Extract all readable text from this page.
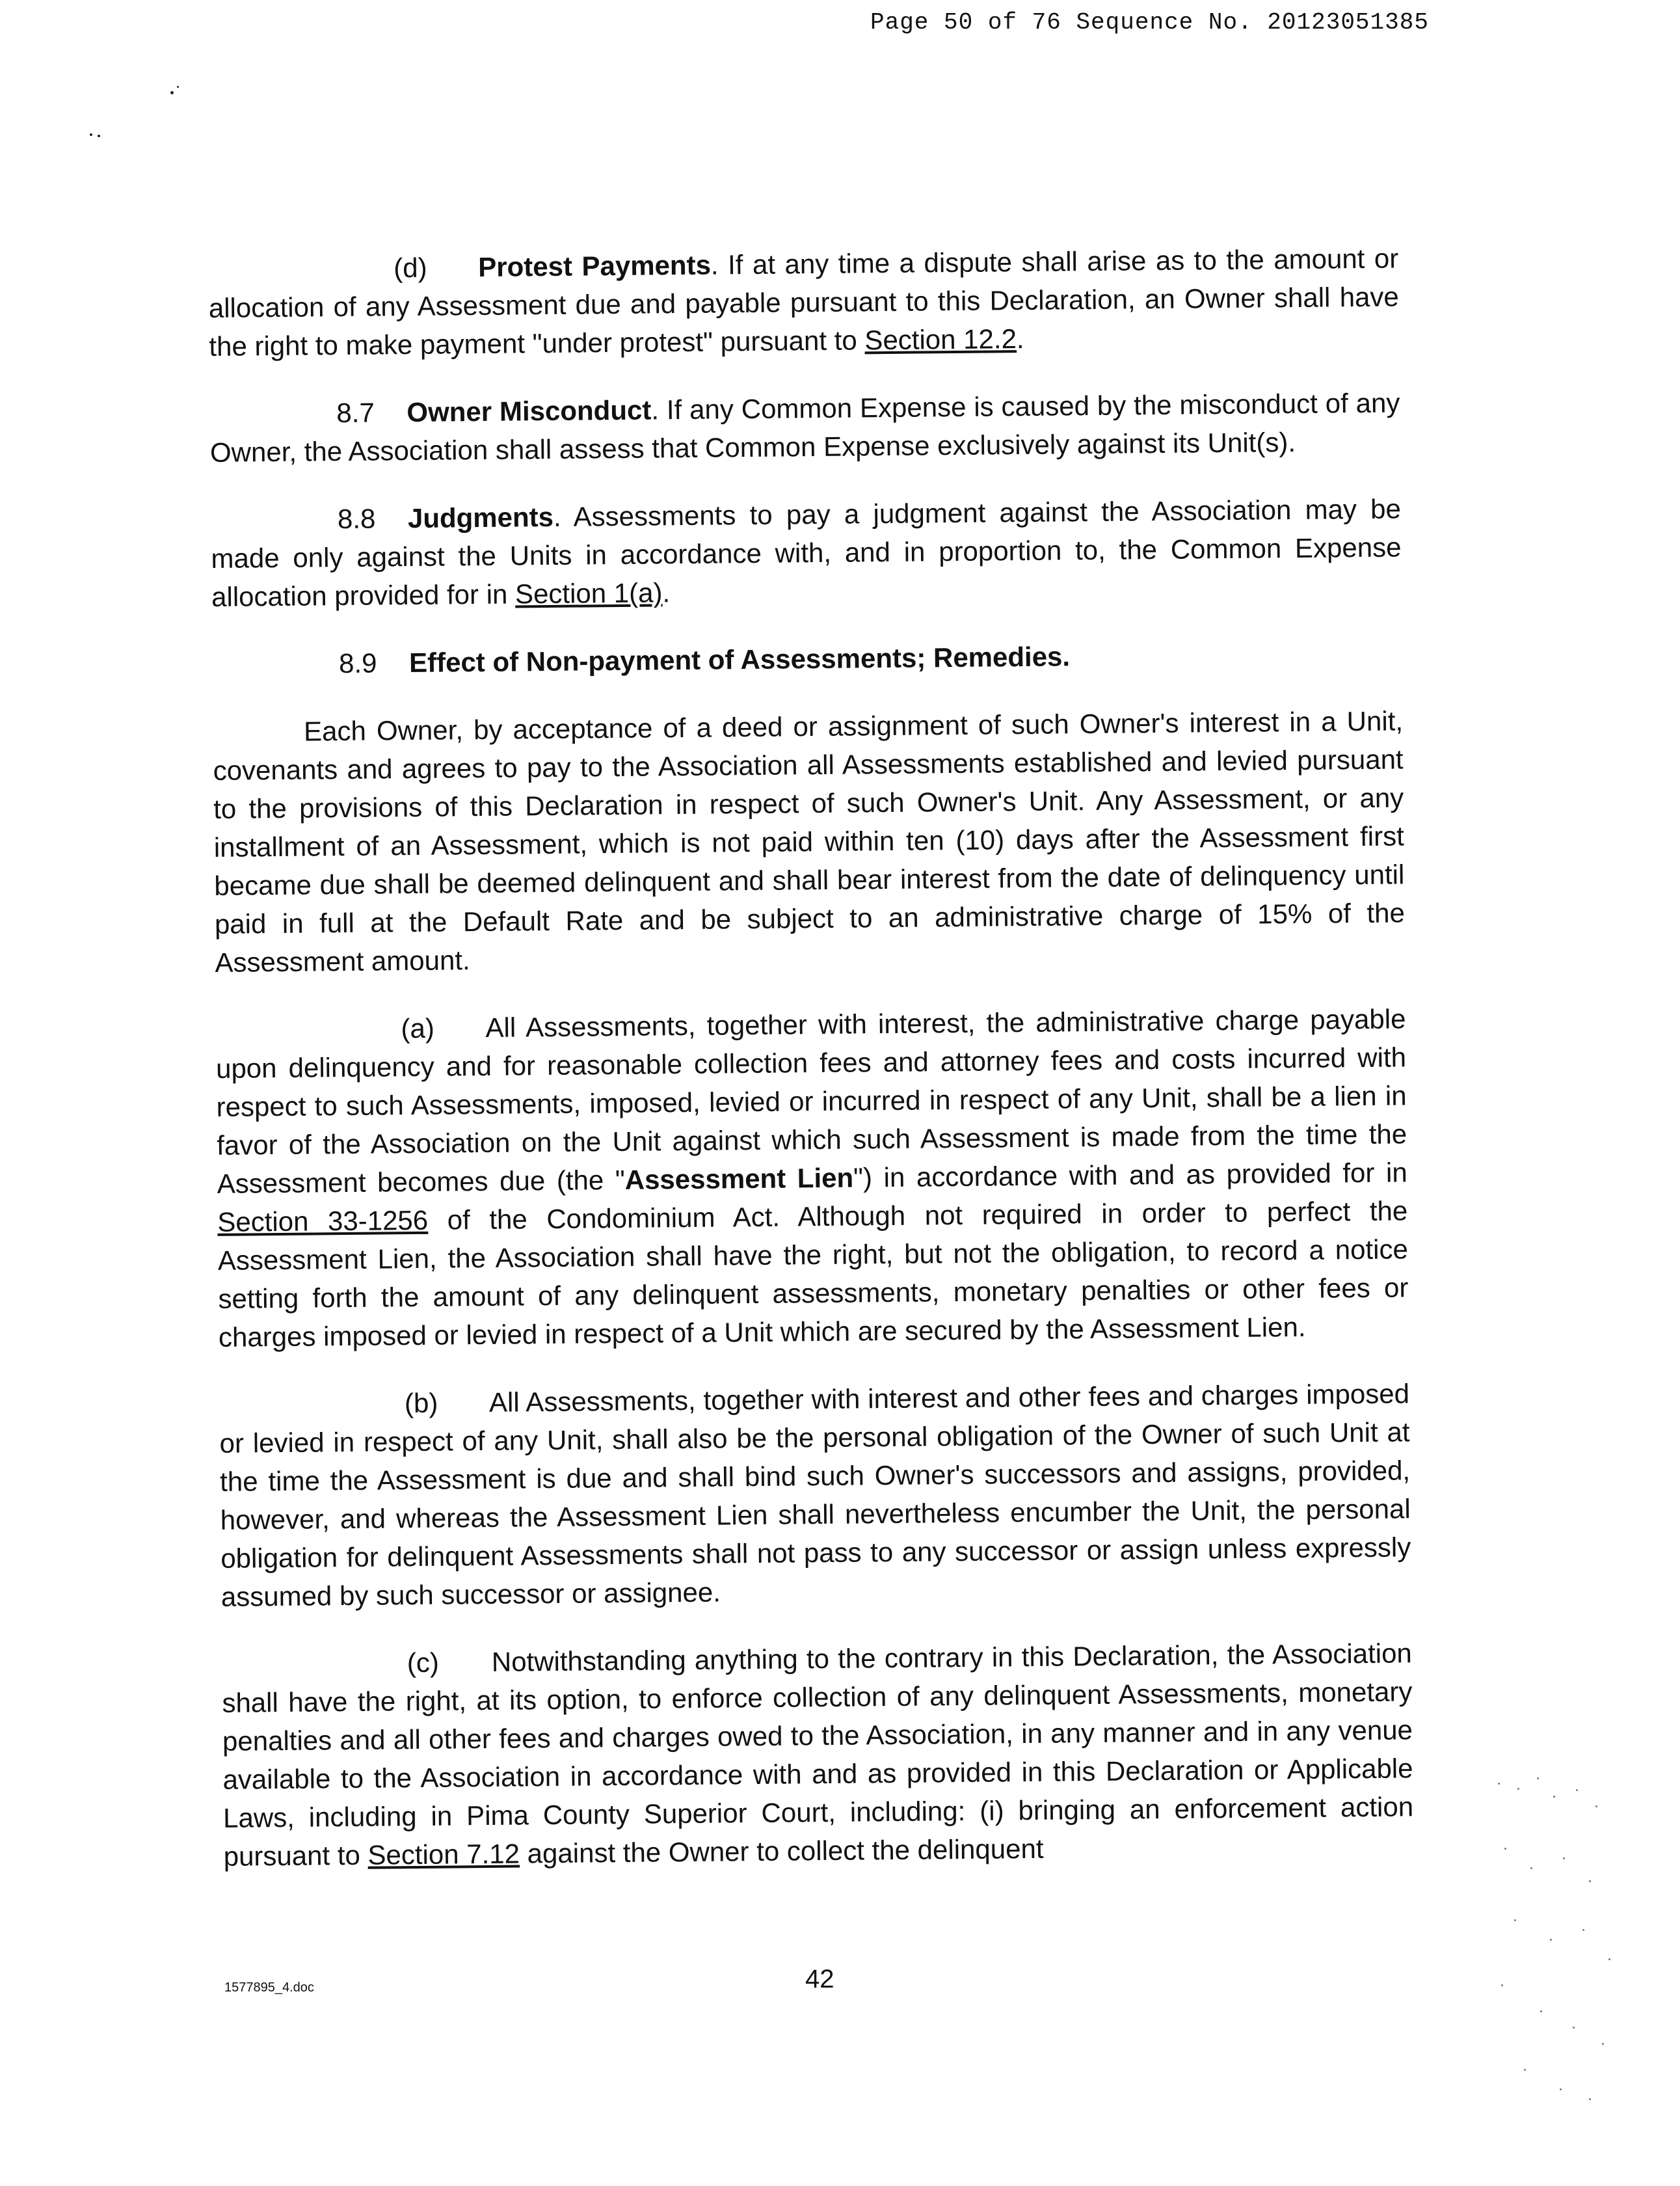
Page 50 of 76 Sequence No. 20123051385

(d) Protest Payments. If at any time a dispute shall arise as to the amount or allocation of any Assessment due and payable pursuant to this Declaration, an Owner shall have the right to make payment "under protest" pursuant to Section 12.2.

8.7 Owner Misconduct. If any Common Expense is caused by the misconduct of any Owner, the Association shall assess that Common Expense exclusively against its Unit(s).

8.8 Judgments. Assessments to pay a judgment against the Association may be made only against the Units in accordance with, and in proportion to, the Common Expense allocation provided for in Section 1(a).

8.9 Effect of Non-payment of Assessments; Remedies.

Each Owner, by acceptance of a deed or assignment of such Owner's interest in a Unit, covenants and agrees to pay to the Association all Assessments established and levied pursuant to the provisions of this Declaration in respect of such Owner's Unit. Any Assessment, or any installment of an Assessment, which is not paid within ten (10) days after the Assessment first became due shall be deemed delinquent and shall bear interest from the date of delinquency until paid in full at the Default Rate and be subject to an administrative charge of 15% of the Assessment amount.

(a) All Assessments, together with interest, the administrative charge payable upon delinquency and for reasonable collection fees and attorney fees and costs incurred with respect to such Assessments, imposed, levied or incurred in respect of any Unit, shall be a lien in favor of the Association on the Unit against which such Assessment is made from the time the Assessment becomes due (the "Assessment Lien") in accordance with and as provided for in Section 33-1256 of the Condominium Act. Although not required in order to perfect the Assessment Lien, the Association shall have the right, but not the obligation, to record a notice setting forth the amount of any delinquent assessments, monetary penalties or other fees or charges imposed or levied in respect of a Unit which are secured by the Assessment Lien.

(b) All Assessments, together with interest and other fees and charges imposed or levied in respect of any Unit, shall also be the personal obligation of the Owner of such Unit at the time the Assessment is due and shall bind such Owner's successors and assigns, provided, however, and whereas the Assessment Lien shall nevertheless encumber the Unit, the personal obligation for delinquent Assessments shall not pass to any successor or assign unless expressly assumed by such successor or assignee.

(c) Notwithstanding anything to the contrary in this Declaration, the Association shall have the right, at its option, to enforce collection of any delinquent Assessments, monetary penalties and all other fees and charges owed to the Association, in any manner and in any venue available to the Association in accordance with and as provided in this Declaration or Applicable Laws, including in Pima County Superior Court, including: (i) bringing an enforcement action pursuant to Section 7.12 against the Owner to collect the delinquent

1577895_4.doc	42
